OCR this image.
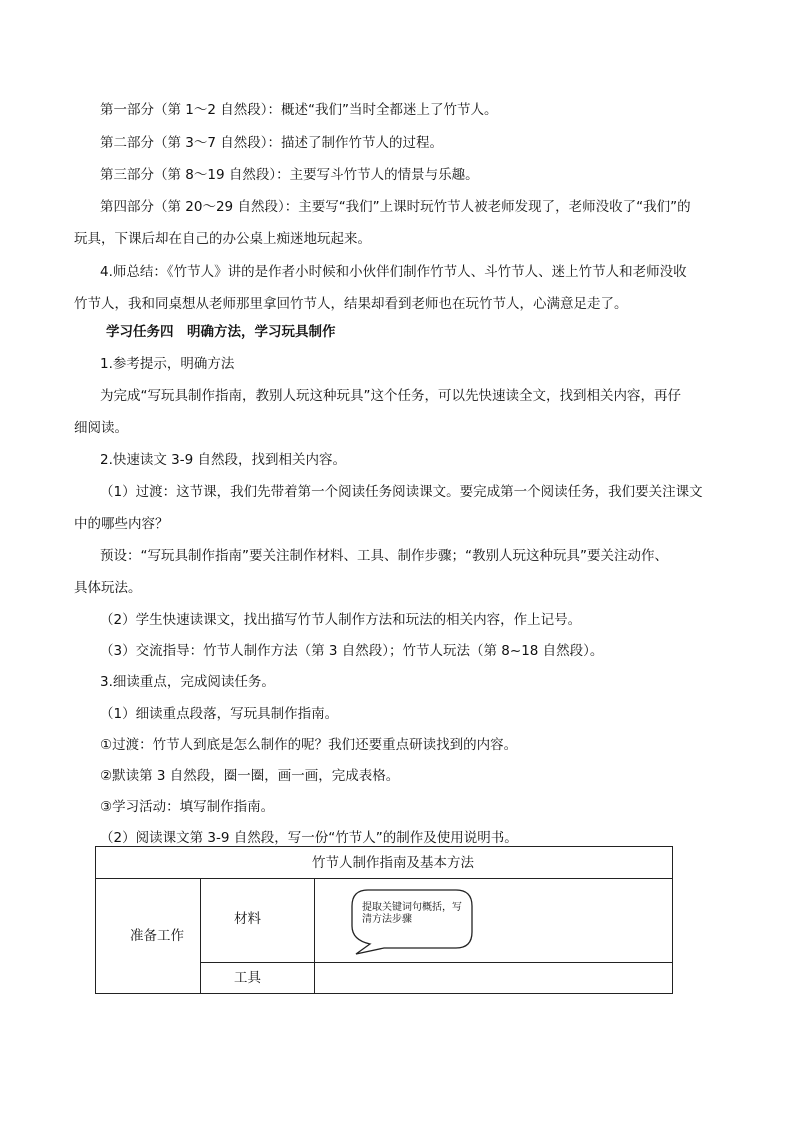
第一部分（第 1～2 自然段）：概述“我们”当时全都迷上了竹节人。
第二部分（第 3～7 自然段）：描述了制作竹节人的过程。
第三部分（第 8～19 自然段）：主要写斗竹节人的情景与乐趣。
第四部分（第 20～29 自然段）：主要写“我们”上课时玩竹节人被老师发现了，老师没收了“我们”的
玩具，下课后却在自己的办公桌上痴迷地玩起来。
4.师总结：《竹节人》讲的是作者小时候和小伙伴们制作竹节人、斗竹节人、迷上竹节人和老师没收
竹节人，我和同桌想从老师那里拿回竹节人，结果却看到老师也在玩竹节人，心满意足走了。
学习任务四　明确方法，学习玩具制作
1.参考提示，明确方法
为完成“写玩具制作指南，教别人玩这种玩具”这个任务，可以先快速读全文，找到相关内容，再仔
细阅读。
2.快速读文 3-9 自然段，找到相关内容。
（1）过渡：这节课，我们先带着第一个阅读任务阅读课文。要完成第一个阅读任务，我们要关注课文
中的哪些内容？
预设：“写玩具制作指南”要关注制作材料、工具、制作步骤；“教别人玩这种玩具”要关注动作、
具体玩法。
（2）学生快速读课文，找出描写竹节人制作方法和玩法的相关内容，作上记号。
（3）交流指导：竹节人制作方法（第 3 自然段）；竹节人玩法（第 8~18 自然段）。
3.细读重点，完成阅读任务。
（1）细读重点段落，写玩具制作指南。
①过渡：竹节人到底是怎么制作的呢？我们还要重点研读找到的内容。
②默读第 3 自然段，圈一圈，画一画，完成表格。
③学习活动：填写制作指南。
（2）阅读课文第 3-9 自然段，写一份“竹节人”的制作及使用说明书。
竹节人制作指南及基本方法
准备工作
材料
工具
提取关键词句概括，写清方法步骤
